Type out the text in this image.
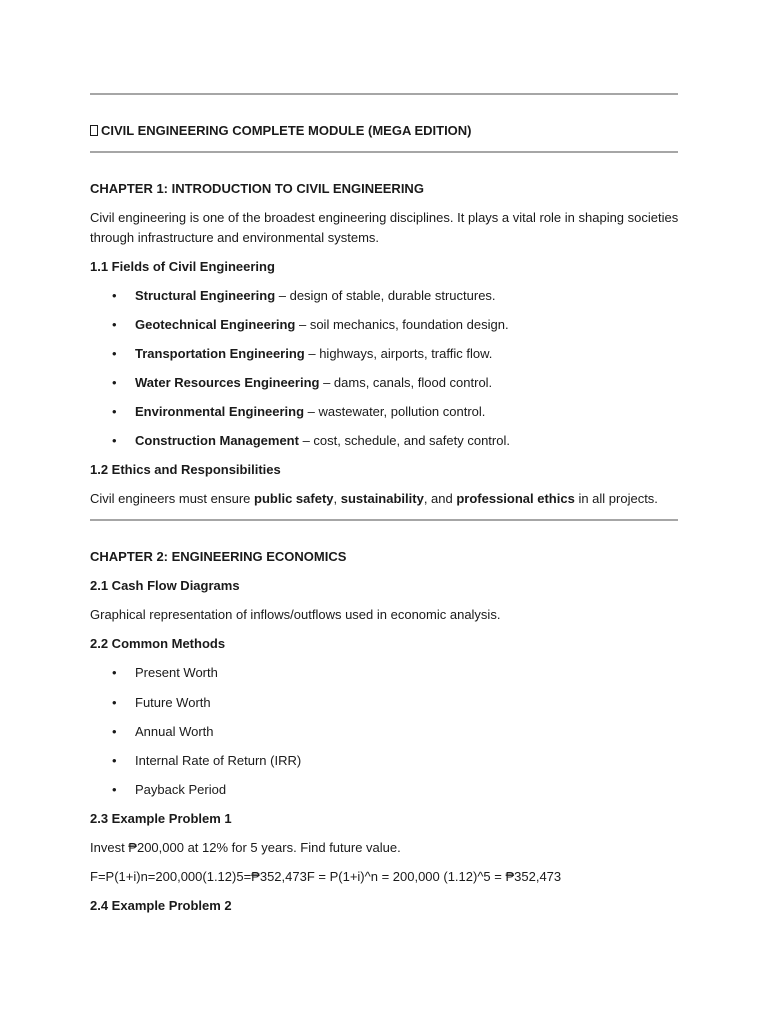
CIVIL ENGINEERING COMPLETE MODULE (MEGA EDITION)
CHAPTER 1: INTRODUCTION TO CIVIL ENGINEERING
Civil engineering is one of the broadest engineering disciplines. It plays a vital role in shaping societies
through infrastructure and environmental systems.
1.1 Fields of Civil Engineering
• Structural Engineering – design of stable, durable structures.
• Geotechnical Engineering – soil mechanics, foundation design.
• Transportation Engineering – highways, airports, traffic flow.
• Water Resources Engineering – dams, canals, flood control.
• Environmental Engineering – wastewater, pollution control.
• Construction Management – cost, schedule, and safety control.
1.2 Ethics and Responsibilities
Civil engineers must ensure public safety, sustainability, and professional ethics in all projects.
CHAPTER 2: ENGINEERING ECONOMICS
2.1 Cash Flow Diagrams
Graphical representation of inflows/outflows used in economic analysis.
2.2 Common Methods
• Present Worth
• Future Worth
• Annual Worth
• Internal Rate of Return (IRR)
• Payback Period
2.3 Example Problem 1
Invest ₱200,000 at 12% for 5 years. Find future value.
F=P(1+i)n=200,000(1.12)5=₱352,473F = P(1+i)^n = 200,000 (1.12)^5 = ₱352,473
2.4 Example Problem 2
